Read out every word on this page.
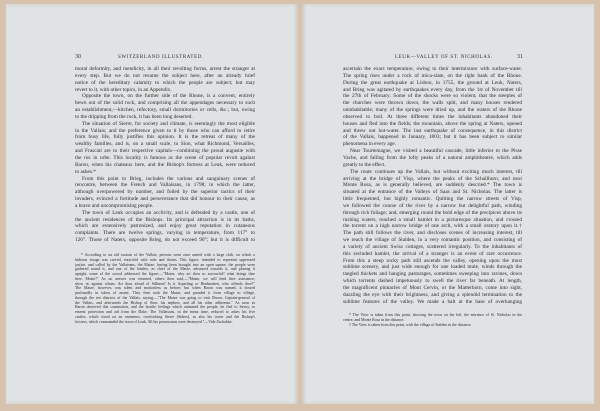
30	SWITZERLAND ILLUSTRATED.
moral deformity, and mendicity, in all their revolting forms, arrest the stranger at
every step. But we do not resume the subject here, after an already brief
notice of the hereditary calamity to which the people are subject; but may
revert to it, with other topics, in an Appendix.
Opposite the town, on the further side of the Rhone, is a convent, entirely
hewn out of the solid rock, and comprising all the appendages necessary to such
an establishment,—kitchen, refectory, small dormitories or cells, &c.; but, owing
to the dripping from the rock, it has been long deserted.
The situation of Sierre, for society and climate, is seemingly the most eligible
in the Vallais; and the preference given to it by those who can afford to retire
from busy life, fully justifies this opinion. It is the retreat of many of the
wealthy families, and is, on a small scale, to Sion, what Richmond, Versailles,
and Frascati are to their respective capitals—combining the proud augustæ with
the rus in urbe. This locality is famous as the scene of popular revolt against
Baron, when his chateaux here, and the Bishop's fortress at Leuk, were reduced
to ashes.*
From this point to Brieg, includes the various and sanguinary scenes of
rencontre, between the French and Vallaisans, in 1798; in which the latter,
although overpowered by number, and foiled by the superior tactics of their
invaders, evinced a fortitude and perseverance that did honour to their cause, as
a brave and uncompromising people.
The town of Leuk occupies an acclivity, and is defended by a castle, one of
the ancient residences of the Bishops. Its principal attraction is in its baths,
which are extensively patronized, and enjoy great reputation in cutaneous
complaints. There are twelve springs, varying in temperature, from 117° to
126°. Those of Naters, opposite Brieg, do not exceed 90°; but it is difficult to
* According to an old custom of the Vallais, persons went once armed with a large club, on which a
hideous visage was carved, encircled with rods and thorns. This figure, intended to represent oppressed
justice, and called by the Vallaisans, the Matze, having been brought into an open square, the people were
gathered round it, and one of the leaders, as chief of the Matze, advanced towards it, and placing it
upright, some of the crowd addressed the figure:—"Matze, why art thou so sorrowful? what brings thee
here, Matze?" As no answer was returned, others then said,—"Matze, we will lend thee assistance;
show us against whom. Art thou afraid of Sillinen? Is it Asperling or Riedmatten, who offends thee?"
The Matze, however, was silent and motionless as before; but when Baron was named, it bowed
profoundly in token of assent. They then took the Matze, and paraded it from village to village,
through the ten districts of the Vallais, saying,—"The Matze was going to visit Baron, Captain-general of
the Vallais, and afterwards the Bishop of Sion, his nephew, and all his other adherents." As soon as
Baron observed this commotion, and the hostile feelings which animated the people, he fled to Savoy, to
entreat protection and aid from the Duke. The Vallaisans, in the mean time, reduced to ashes his five
castles, which stood on an eminence, overlooking Sierre (Siders), as also his tower and the Bishop's
fortress, which commanded the town of Leuk. All his possessions were destroyed."—Vide Zschokke.
LEUK—VALLEY OF ST. NICHOLAS.	31
ascertain the exact temperature, owing to their intermixture with surface-water.
The spring rises under a rock of mica-slate, on the right bank of the Rhone.
During the great earthquake at Lisbon, in 1755, the ground at Leuk, Naters,
and Brieg was agitated by earthquakes every day, from the 1st of November till
the 27th of February. Some of the shocks were so violent, that the steeples of
the churches were thrown down, the walls split, and many houses rendered
uninhabitable; many of the springs were dried up, and the waters of the Rhone
observed to boil. At three different times the inhabitants abandoned their
houses and fled into the fields; the mountain, above the spring at Naters, opened
and threw out hot-water. The last earthquake of consequence, in this district
of the Vallais, happened in January, 1803; but it has been subject to similar
phenomena in every age.
Near Tourtemagne, we visited a beautiful cascade, little inferior to the Pisse
Vache, and falling from the lofty peaks of a natural amphitheatre, which adds
greatly to the effect.
The route continues up the Vallais, but without exciting much interest, till
arriving at the bridge of Visp, where the peaks of the Schallhorn, and next
Monte Rosa, as is generally believed, are suddenly descried.* The town is
situated at the entrance of the Valleys of Saas and St. Nicholas. The latter is
little frequented, but highly romantic. Quitting the narrow streets of Visp,
we followed the course of the river by a narrow but delightful path, winding
through rich foliage; and, emerging round the bold edge of the precipices above its
rushing waters, reached a small hamlet in a picturesque situation, and crossed
the torrent on a high narrow bridge of one arch, with a small oratory upon it.†
The path still follows the river, and discloses scenes of increasing interest, till
we reach the village of Stalden, in a very romantic position, and consisting of
a variety of ancient Swiss cottages, scattered irregularly. To the inhabitants of
this secluded hamlet, the arrival of a stranger is an event of rare occurrence.
From this a steep rocky path still ascends the valley, opening upon the most
sublime scenery, and just wide enough for one loaded mule, winds through the
tangled thickets and hanging pasturages, sometimes sweeping into ravines, down
which torrents dashed impetuously to swell the river far beneath. At length,
the magnificent pinnacles of Mont Cervin, or the Matterhorn, come into sight,
dazzling the eye with their brightness, and giving a splendid termination to the
sublime features of the valley. We made a halt at the base of overhanging
* The View is taken from this point, showing the town on the left, the entrance of St. Nicholas in the
centre, and Monte Rosa in the distance.
† The View is taken from this point, with the village of Stalden in the distance.
